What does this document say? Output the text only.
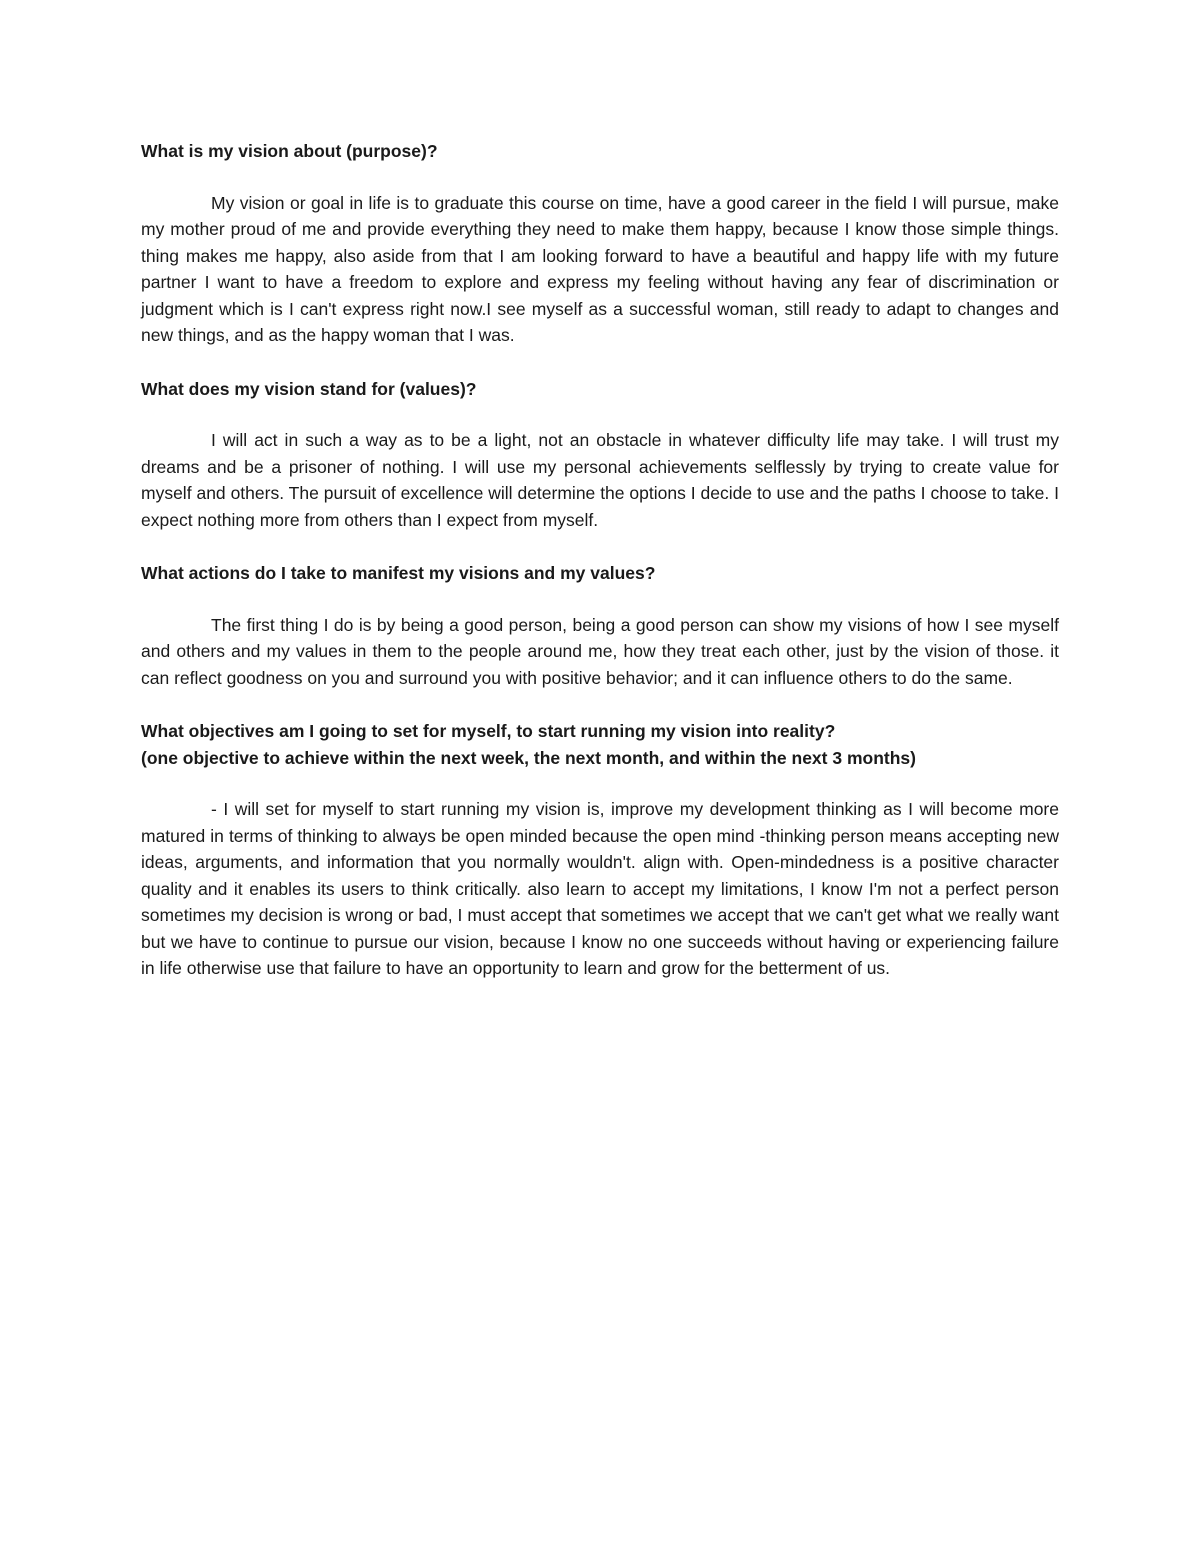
What is my vision about (purpose)?

My vision or goal in life is to graduate this course on time, have a good career in the field I will pursue, make my mother proud of me and provide everything they need to make them happy, because I know those simple things. thing makes me happy, also aside from that I am looking forward to have a beautiful and happy life with my future partner I want to have a freedom to explore and express my feeling without having any fear of discrimination or judgment which is I can't express right now.I see myself as a successful woman, still ready to adapt to changes and new things, and as the happy woman that I was.

What does my vision stand for (values)?

I will act in such a way as to be a light, not an obstacle in whatever difficulty life may take. I will trust my dreams and be a prisoner of nothing. I will use my personal achievements selflessly by trying to create value for myself and others. The pursuit of excellence will determine the options I decide to use and the paths I choose to take. I expect nothing more from others than I expect from myself.

What actions do I take to manifest my visions and my values?

The first thing I do is by being a good person, being a good person can show my visions of how I see myself and others and my values in them to the people around me, how they treat each other, just by the vision of those. it can reflect goodness on you and surround you with positive behavior; and it can influence others to do the same.

What objectives am I going to set for myself, to start running my vision into reality?

(one objective to achieve within the next week, the next month, and within the next 3 months)

- I will set for myself to start running my vision is, improve my development thinking as I will become more matured in terms of thinking to always be open minded because the open mind -thinking person means accepting new ideas, arguments, and information that you normally wouldn't. align with. Open-mindedness is a positive character quality and it enables its users to think critically. also learn to accept my limitations, I know I'm not a perfect person sometimes my decision is wrong or bad, I must accept that sometimes we accept that we can't get what we really want but we have to continue to pursue our vision, because I know no one succeeds without having or experiencing failure in life otherwise use that failure to have an opportunity to learn and grow for the betterment of us.
